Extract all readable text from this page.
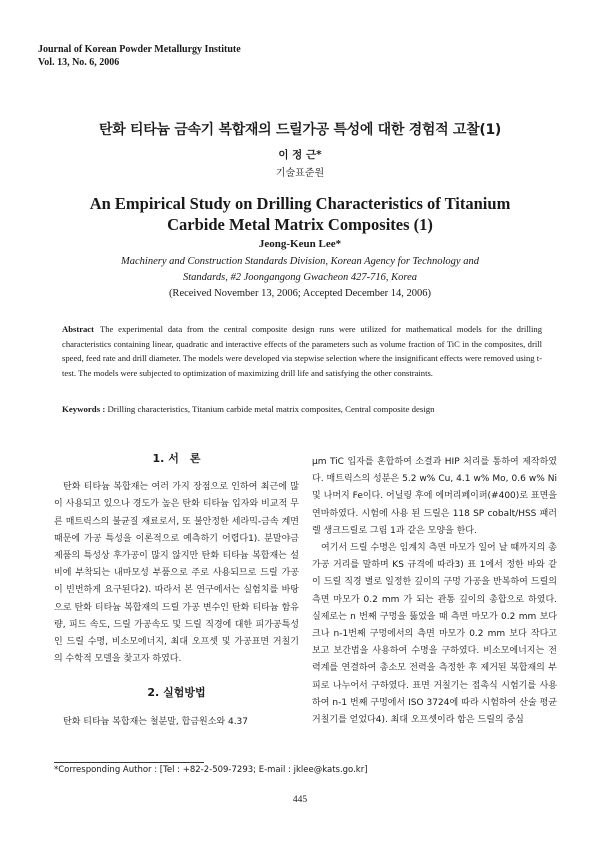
Journal of Korean Powder Metallurgy Institute
Vol. 13, No. 6, 2006
탄화 티타늄 금속기 복합재의 드릴가공 특성에 대한 경험적 고찰(1)
이 정 근*
기술표준원
An Empirical Study on Drilling Characteristics of Titanium
Carbide Metal Matrix Composites (1)
Jeong-Keun Lee*
Machinery and Construction Standards Division, Korean Agency for Technology and
Standards, #2 Joongangong Gwacheon 427-716, Korea
(Received November 13, 2006; Accepted December 14, 2006)
Abstract The experimental data from the central composite design runs were utilized for mathematical models for the drilling characteristics containing linear, quadratic and interactive effects of the parameters such as volume fraction of TiC in the composites, drill speed, feed rate and drill diameter. The models were developed via stepwise selection where the insignificant effects were removed using t-test. The models were subjected to optimization of maximizing drill life and satisfying the other constraints.
Keywords : Drilling characteristics, Titanium carbide metal matrix composites, Central composite design
1. 서　론

탄화 티타늄 복합재는 여러 가지 장점으로 인하여 최근에 많이 사용되고 있으나 경도가 높은 탄화 티타늄 입자와 비교적 무른 매트릭스의 불균질 재료로서, 또 불안정한 세라믹-금속 계면 때문에 가공 특성을 이론적으로 예측하기 어렵다1). 분말야금 제품의 특성상 후가공이 많지 않지만 탄화 티타늄 복합재는 설비에 부착되는 내마모성 부품으로 주로 사용되므로 드릴 가공이 빈번하게 요구된다2). 따라서 본 연구에서는 실험치를 바탕으로 탄화 티타늄 복합재의 드릴 가공 변수인 탄화 티타늄 함유량, 피드 속도, 드릴 가공속도 및 드릴 직경에 대한 피가공특성인 드릴 수명, 비소모에너지, 최대 오프셋 및 가공표면 거칠기의 수학적 모델을 찾고자 하였다.

2. 실험방법

탄화 티타늄 복합재는 철분말, 합금원소와 4.37

μm TiC 입자를 혼합하여 소결과 HIP 처리를 통하여 제작하였다. 매트릭스의 성분은 5.2 w% Cu, 4.1 w% Mo, 0.6 w% Ni 및 나머지 Fe이다. 어닐링 후에 에머리페이퍼(#400)로 표면을 연마하였다. 시험에 사용 된 드릴은 118 SP cobalt/HSS 패러렐 생크드릴로 그림 1과 같은 모양을 한다.

여기서 드릴 수명은 임계치 측면 마모가 일어 날 때까지의 총 가공 거리를 말하며 KS 규격에 따라3) 표 1에서 정한 바와 같이 드릴 직경 별로 일정한 깊이의 구멍 가공을 반복하여 드릴의 측면 마모가 0.2 mm 가 되는 관통 깊이의 총합으로 하였다. 실제로는 n 번째 구멍을 뚫었을 때 측면 마모가 0.2 mm 보다 크나 n-1번째 구멍에서의 측면 마모가 0.2 mm 보다 작다고 보고 보간법을 사용하여 수명을 구하였다. 비소모에너지는 전력계를 연결하여 총소모 전력을 측정한 후 제거된 복합재의 부피로 나누어서 구하였다. 표면 거칠기는 접촉식 시험기를 사용하여 n-1 번째 구멍에서 ISO 3724에 따라 시험하여 산술 평균 거칠기를 얻었다4). 최대 오프셋이라 함은 드릴의 중심

*Corresponding Author : [Tel : +82-2-509-7293; E-mail : jklee@kats.go.kr]
445
